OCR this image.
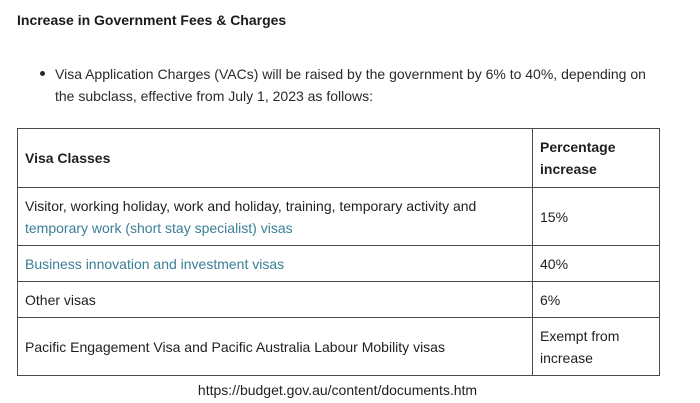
Increase in Government Fees & Charges
Visa Application Charges (VACs) will be raised by the government by 6% to 40%, depending on the subclass, effective from July 1, 2023 as follows:
Visa Classes	Percentage increase
Visitor, working holiday, work and holiday, training, temporary activity and temporary work (short stay specialist) visas	15%
Business innovation and investment visas	40%
Other visas	6%
Pacific Engagement Visa and Pacific Australia Labour Mobility visas	Exempt from increase
https://budget.gov.au/content/documents.htm
